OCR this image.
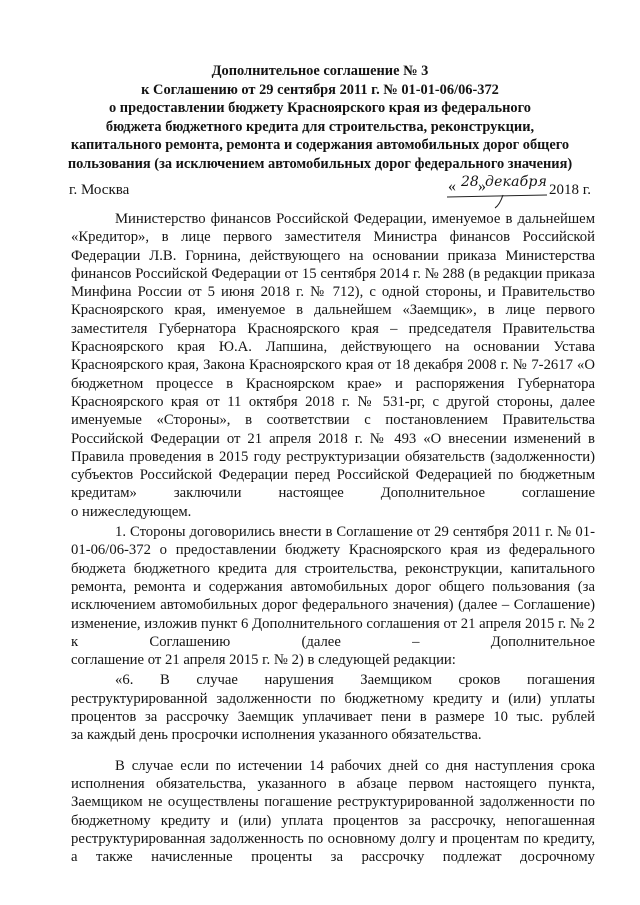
Дополнительное соглашение № 3
к Соглашению от 29 сентября 2011 г. № 01-01-06/06-372
о предоставлении бюджету Красноярского края из федерального
бюджета бюджетного кредита для строительства, реконструкции,
капитального ремонта, ремонта и содержания автомобильных дорог общего
пользования (за исключением автомобильных дорог федерального значения)
г. Москва	« 28 » декабря 2018 г.

Министерство финансов Российской Федерации, именуемое в дальнейшем «Кредитор», в лице первого заместителя Министра финансов Российской Федерации Л.В. Горнина, действующего на основании приказа Министерства финансов Российской Федерации от 15 сентября 2014 г. № 288 (в редакции приказа Минфина России от 5 июня 2018 г. № 712), с одной стороны, и Правительство Красноярского края, именуемое в дальнейшем «Заемщик», в лице первого заместителя Губернатора Красноярского края – председателя Правительства Красноярского края Ю.А. Лапшина, действующего на основании Устава Красноярского края, Закона Красноярского края от 18 декабря 2008 г. № 7-2617 «О бюджетном процессе в Красноярском крае» и распоряжения Губернатора Красноярского края от 11 октября 2018 г. № 531-рг, с другой стороны, далее именуемые «Стороны», в соответствии с постановлением Правительства Российской Федерации от 21 апреля 2018 г. № 493 «О внесении изменений в Правила проведения в 2015 году реструктуризации обязательств (задолженности) субъектов Российской Федерации перед Российской Федерацией по бюджетным кредитам» заключили настоящее Дополнительное соглашение

о нижеследующем.

1. Стороны договорились внести в Соглашение от 29 сентября 2011 г. № 01-01-06/06-372 о предоставлении бюджету Красноярского края из федерального бюджета бюджетного кредита для строительства, реконструкции, капитального ремонта, ремонта и содержания автомобильных дорог общего пользования (за исключением автомобильных дорог федерального значения) (далее – Соглашение) изменение, изложив пункт 6 Дополнительного соглашения от 21 апреля 2015 г. № 2 к Соглашению (далее – Дополнительное

соглашение от 21 апреля 2015 г. № 2) в следующей редакции:

«6. В случае нарушения Заемщиком сроков погашения реструктурированной задолженности по бюджетному кредиту и (или) уплаты процентов за рассрочку Заемщик уплачивает пени в размере 10 тыс. рублей

за каждый день просрочки исполнения указанного обязательства.

В случае если по истечении 14 рабочих дней со дня наступления срока исполнения обязательства, указанного в абзаце первом настоящего пункта, Заемщиком не осуществлены погашение реструктурированной задолженности по бюджетному кредиту и (или) уплата процентов за рассрочку, непогашенная реструктурированная задолженность по основному долгу и процентам по кредиту, а также начисленные проценты за рассрочку подлежат досрочному
